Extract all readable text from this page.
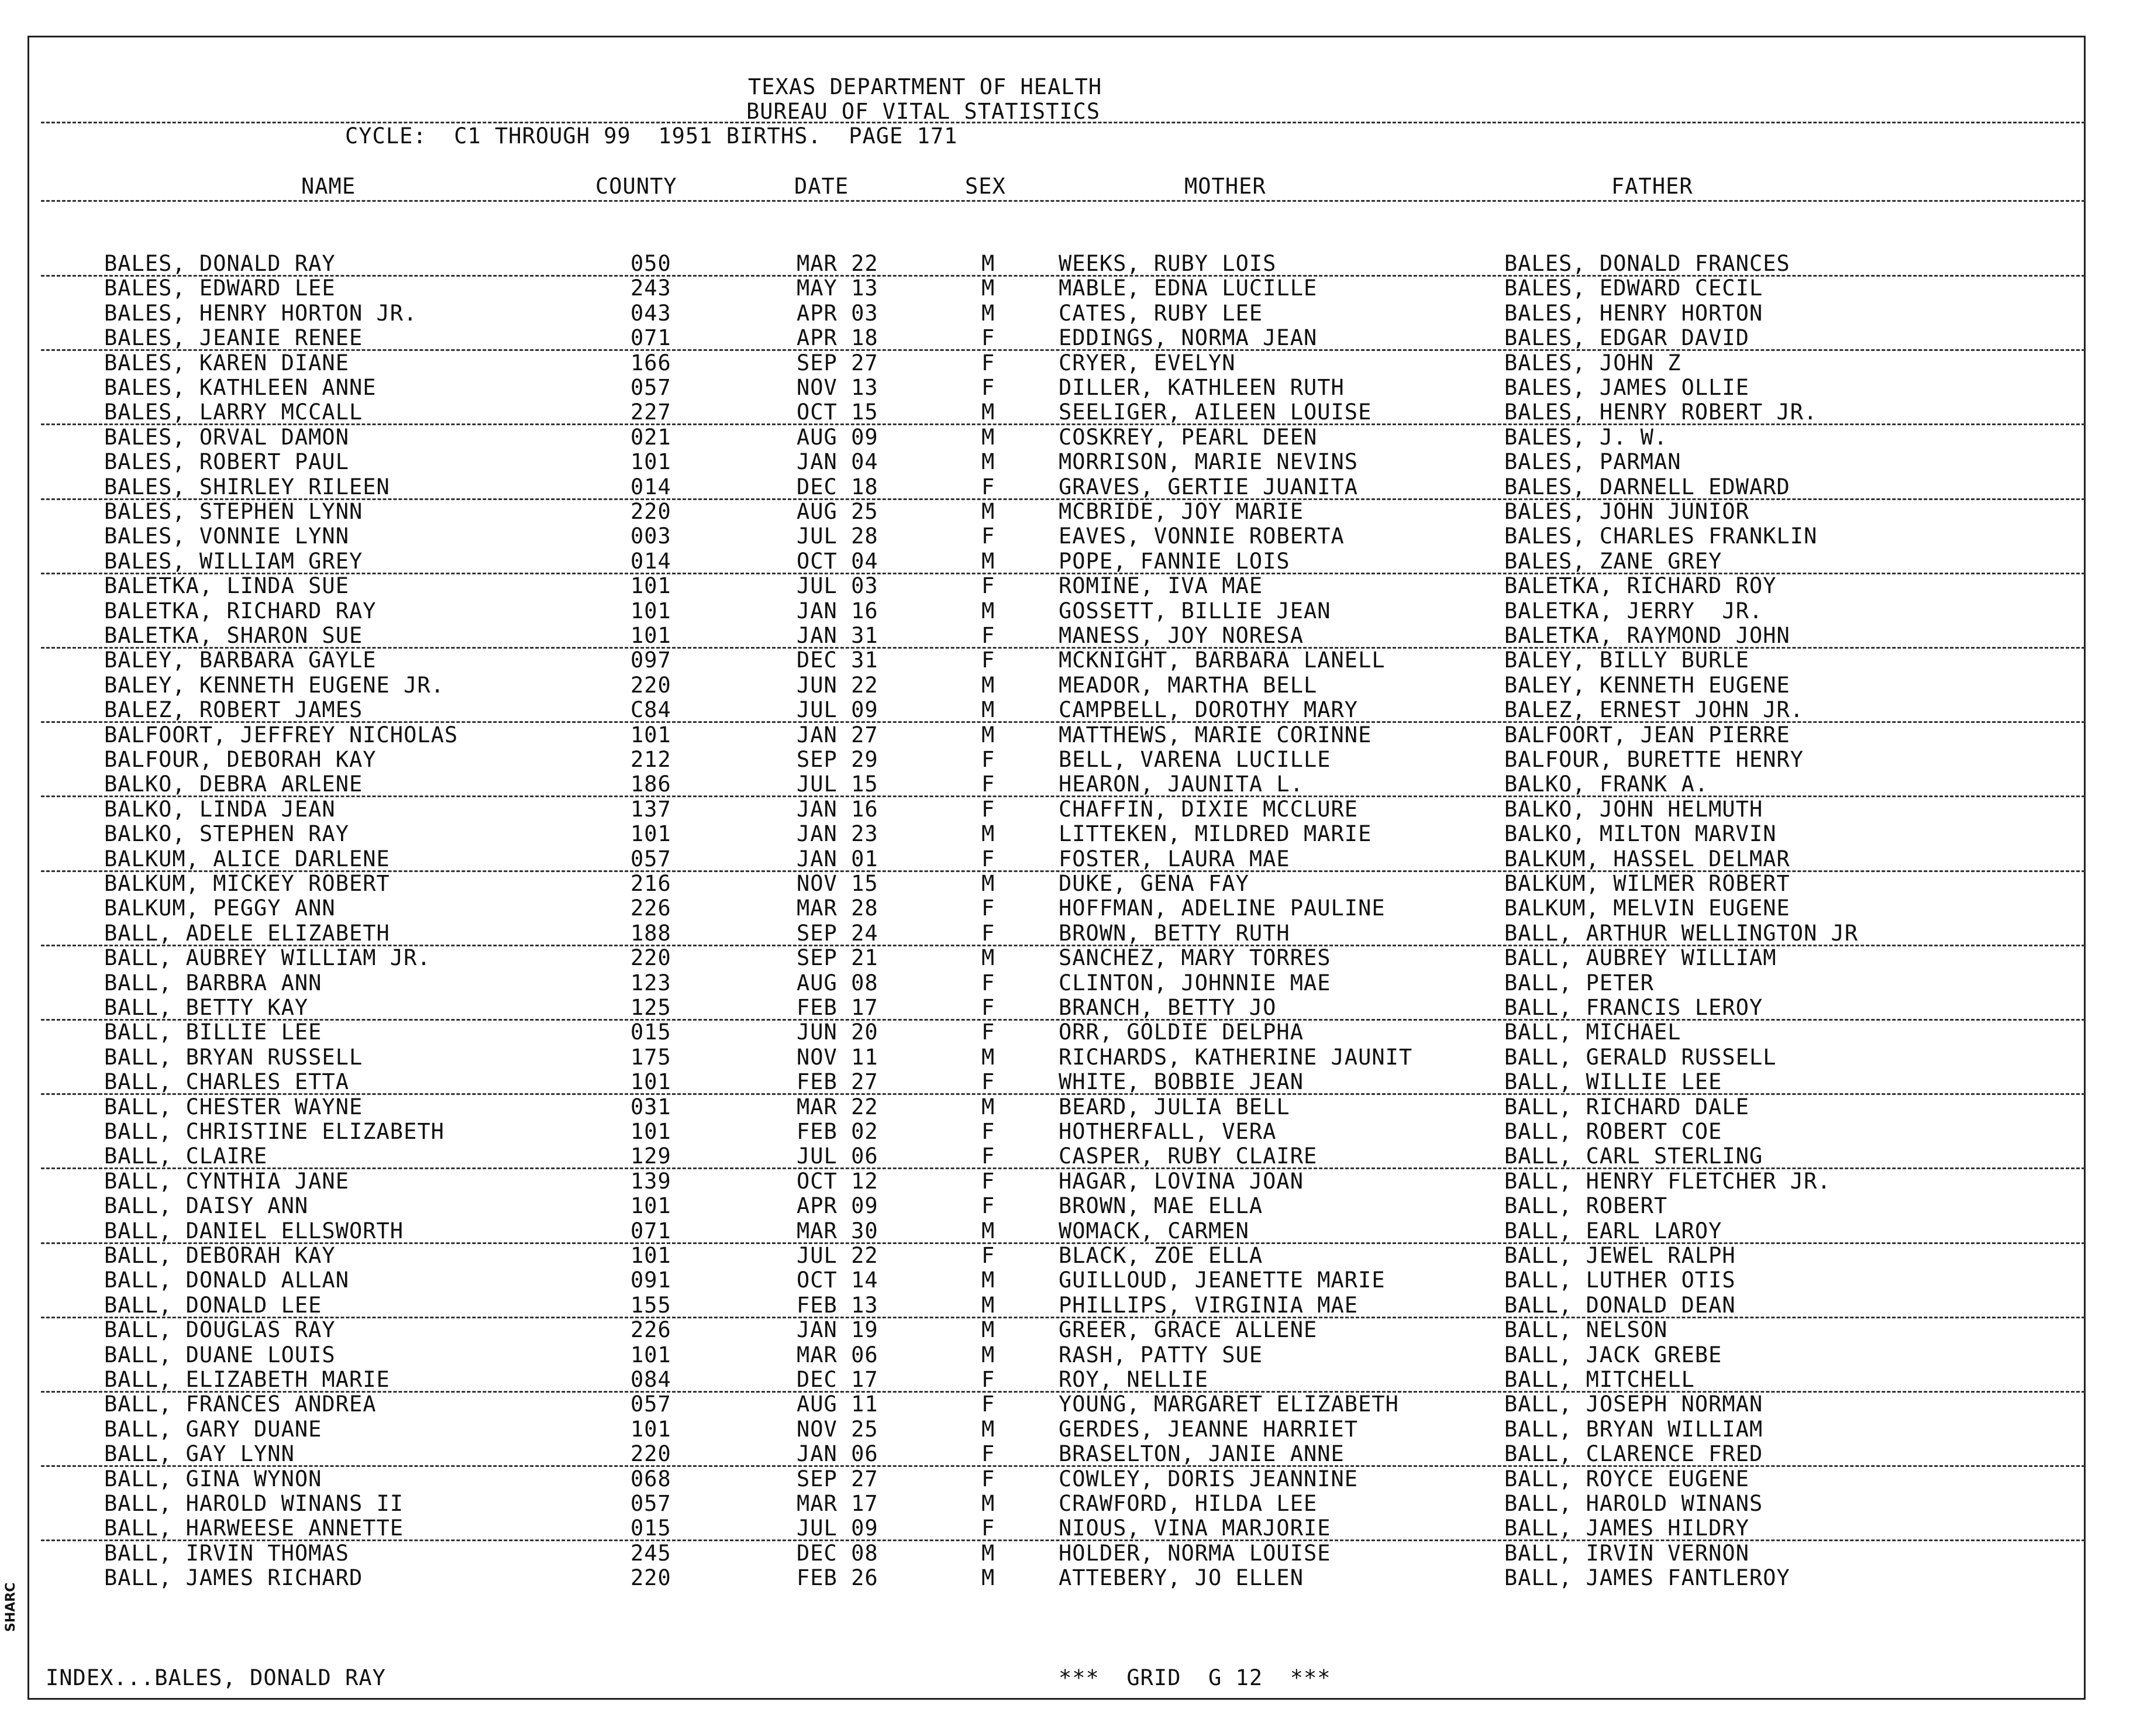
TEXAS DEPARTMENT OF HEALTH
BUREAU OF VITAL STATISTICS
CYCLE:  C1 THROUGH 99  1951 BIRTHS.  PAGE 171
NAME	COUNTY	DATE	SEX	MOTHER	FATHER
BALES, DONALD RAY	050	MAR 22	M	WEEKS, RUBY LOIS	BALES, DONALD FRANCES
BALES, EDWARD LEE	243	MAY 13	M	MABLE, EDNA LUCILLE	BALES, EDWARD CECIL
BALES, HENRY HORTON JR.	043	APR 03	M	CATES, RUBY LEE	BALES, HENRY HORTON
BALES, JEANIE RENEE	071	APR 18	F	EDDINGS, NORMA JEAN	BALES, EDGAR DAVID
BALES, KAREN DIANE	166	SEP 27	F	CRYER, EVELYN	BALES, JOHN Z
BALES, KATHLEEN ANNE	057	NOV 13	F	DILLER, KATHLEEN RUTH	BALES, JAMES OLLIE
BALES, LARRY MCCALL	227	OCT 15	M	SEELIGER, AILEEN LOUISE	BALES, HENRY ROBERT JR.
BALES, ORVAL DAMON	021	AUG 09	M	COSKREY, PEARL DEEN	BALES, J. W.
BALES, ROBERT PAUL	101	JAN 04	M	MORRISON, MARIE NEVINS	BALES, PARMAN
BALES, SHIRLEY RILEEN	014	DEC 18	F	GRAVES, GERTIE JUANITA	BALES, DARNELL EDWARD
BALES, STEPHEN LYNN	220	AUG 25	M	MCBRIDE, JOY MARIE	BALES, JOHN JUNIOR
BALES, VONNIE LYNN	003	JUL 28	F	EAVES, VONNIE ROBERTA	BALES, CHARLES FRANKLIN
BALES, WILLIAM GREY	014	OCT 04	M	POPE, FANNIE LOIS	BALES, ZANE GREY
BALETKA, LINDA SUE	101	JUL 03	F	ROMINE, IVA MAE	BALETKA, RICHARD ROY
BALETKA, RICHARD RAY	101	JAN 16	M	GOSSETT, BILLIE JEAN	BALETKA, JERRY  JR.
BALETKA, SHARON SUE	101	JAN 31	F	MANESS, JOY NORESA	BALETKA, RAYMOND JOHN
BALEY, BARBARA GAYLE	097	DEC 31	F	MCKNIGHT, BARBARA LANELL	BALEY, BILLY BURLE
BALEY, KENNETH EUGENE JR.	220	JUN 22	M	MEADOR, MARTHA BELL	BALEY, KENNETH EUGENE
BALEZ, ROBERT JAMES	C84	JUL 09	M	CAMPBELL, DOROTHY MARY	BALEZ, ERNEST JOHN JR.
BALFOORT, JEFFREY NICHOLAS	101	JAN 27	M	MATTHEWS, MARIE CORINNE	BALFOORT, JEAN PIERRE
BALFOUR, DEBORAH KAY	212	SEP 29	F	BELL, VARENA LUCILLE	BALFOUR, BURETTE HENRY
BALKO, DEBRA ARLENE	186	JUL 15	F	HEARON, JAUNITA L.	BALKO, FRANK A.
BALKO, LINDA JEAN	137	JAN 16	F	CHAFFIN, DIXIE MCCLURE	BALKO, JOHN HELMUTH
BALKO, STEPHEN RAY	101	JAN 23	M	LITTEKEN, MILDRED MARIE	BALKO, MILTON MARVIN
BALKUM, ALICE DARLENE	057	JAN 01	F	FOSTER, LAURA MAE	BALKUM, HASSEL DELMAR
BALKUM, MICKEY ROBERT	216	NOV 15	M	DUKE, GENA FAY	BALKUM, WILMER ROBERT
BALKUM, PEGGY ANN	226	MAR 28	F	HOFFMAN, ADELINE PAULINE	BALKUM, MELVIN EUGENE
BALL, ADELE ELIZABETH	188	SEP 24	F	BROWN, BETTY RUTH	BALL, ARTHUR WELLINGTON JR
BALL, AUBREY WILLIAM JR.	220	SEP 21	M	SANCHEZ, MARY TORRES	BALL, AUBREY WILLIAM
BALL, BARBRA ANN	123	AUG 08	F	CLINTON, JOHNNIE MAE	BALL, PETER
BALL, BETTY KAY	125	FEB 17	F	BRANCH, BETTY JO	BALL, FRANCIS LEROY
BALL, BILLIE LEE	015	JUN 20	F	ORR, GOLDIE DELPHA	BALL, MICHAEL
BALL, BRYAN RUSSELL	175	NOV 11	M	RICHARDS, KATHERINE JAUNIT	BALL, GERALD RUSSELL
BALL, CHARLES ETTA	101	FEB 27	F	WHITE, BOBBIE JEAN	BALL, WILLIE LEE
BALL, CHESTER WAYNE	031	MAR 22	M	BEARD, JULIA BELL	BALL, RICHARD DALE
BALL, CHRISTINE ELIZABETH	101	FEB 02	F	HOTHERFALL, VERA	BALL, ROBERT COE
BALL, CLAIRE	129	JUL 06	F	CASPER, RUBY CLAIRE	BALL, CARL STERLING
BALL, CYNTHIA JANE	139	OCT 12	F	HAGAR, LOVINA JOAN	BALL, HENRY FLETCHER JR.
BALL, DAISY ANN	101	APR 09	F	BROWN, MAE ELLA	BALL, ROBERT
BALL, DANIEL ELLSWORTH	071	MAR 30	M	WOMACK, CARMEN	BALL, EARL LAROY
BALL, DEBORAH KAY	101	JUL 22	F	BLACK, ZOE ELLA	BALL, JEWEL RALPH
BALL, DONALD ALLAN	091	OCT 14	M	GUILLOUD, JEANETTE MARIE	BALL, LUTHER OTIS
BALL, DONALD LEE	155	FEB 13	M	PHILLIPS, VIRGINIA MAE	BALL, DONALD DEAN
BALL, DOUGLAS RAY	226	JAN 19	M	GREER, GRACE ALLENE	BALL, NELSON
BALL, DUANE LOUIS	101	MAR 06	M	RASH, PATTY SUE	BALL, JACK GREBE
BALL, ELIZABETH MARIE	084	DEC 17	F	ROY, NELLIE	BALL, MITCHELL
BALL, FRANCES ANDREA	057	AUG 11	F	YOUNG, MARGARET ELIZABETH	BALL, JOSEPH NORMAN
BALL, GARY DUANE	101	NOV 25	M	GERDES, JEANNE HARRIET	BALL, BRYAN WILLIAM
BALL, GAY LYNN	220	JAN 06	F	BRASELTON, JANIE ANNE	BALL, CLARENCE FRED
BALL, GINA WYNON	068	SEP 27	F	COWLEY, DORIS JEANNINE	BALL, ROYCE EUGENE
BALL, HAROLD WINANS II	057	MAR 17	M	CRAWFORD, HILDA LEE	BALL, HAROLD WINANS
BALL, HARWEESE ANNETTE	015	JUL 09	F	NIOUS, VINA MARJORIE	BALL, JAMES HILDRY
BALL, IRVIN THOMAS	245	DEC 08	M	HOLDER, NORMA LOUISE	BALL, IRVIN VERNON
BALL, JAMES RICHARD	220	FEB 26	M	ATTEBERY, JO ELLEN	BALL, JAMES FANTLEROY
INDEX...BALES, DONALD RAY	***  GRID  G 12  ***
SHARC
